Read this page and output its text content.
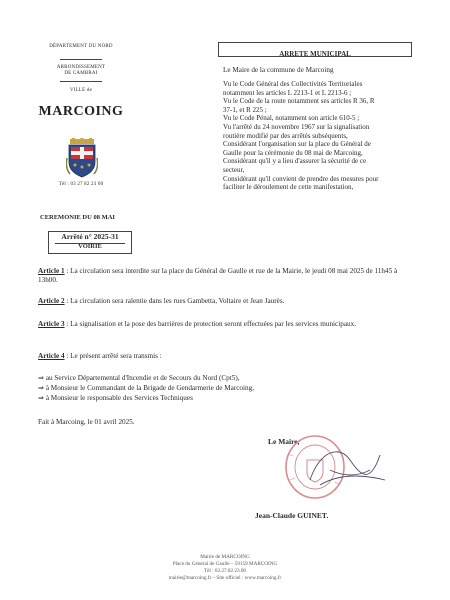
DÉPARTEMENT DU NORD
ARRONDISSEMENT
DE CAMBRAI
VILLE de
MARCOING
Tél : 03 27 82 23 00
ARRETE MUNICIPAL
Le Maire de la commune de Marcoing
Vu le Code Général des Collectivités Territoriales
notamment les articles L 2213-1 et L 2213-6 ;
Vu le Code de la route notamment ses articles R 36, R
37-1, et R 225 ;
Vu le Code Pénal, notamment son article 610-5 ;
Vu l'arrêté du 24 novembre 1967 sur la signalisation
routière modifié par des arrêtés subséquents,
Considérant l'organisation sur la place du Général de
Gaulle pour la cérémonie du 08 mai de Marcoing,
Considérant qu'il y a lieu d'assurer la sécurité de ce
secteur,
Considérant qu'il convient de prendre des mesures pour
faciliter le déroulement de cette manifestation,
CEREMONIE DU 08 MAI
Arrêté n° 2025-31
VOIRIE
Article 1 : La circulation sera interdite sur la place du Général de Gaulle et rue de la Mairie, le jeudi 08 mai 2025 de 11h45 à 13h00.
Article 2 : La circulation sera ralentie dans les rues Gambetta, Voltaire et Jean Jaurès.
Article 3 : La signalisation et la pose des barrières de protection seront effectuées par les services municipaux.
Article 4 : Le présent arrêté sera transmis :
⇒ au Service Départemental d'Incendie et de Secours du Nord (Cpt5),
⇒ à Monsieur le Commandant de la Brigade de Gendarmerie de Marcoing,
⇒ à Monsieur le responsable des Services Techniques
Fait à Marcoing, le 01 avril 2025.
Le Maire,
Jean-Claude GUINET.
Mairie de MARCOING
Place du Général de Gaulle – 59159 MARCOING
Tél : 03.27.82.23.00
mairie@marcoing.fr – Site officiel : www.marcoing.fr
